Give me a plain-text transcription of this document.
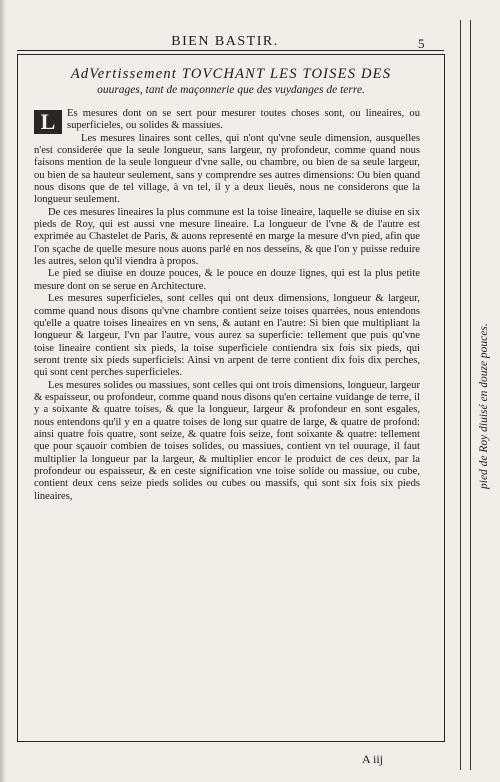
BIEN BASTIR.	5
AdVertissement TOVCHANT LES TOISES DES
ouurages, tant de maçonnerie que des vuydanges de terre.

L	Es mesures dont on se sert pour mesurer toutes choses sont, ou lineaires, ou superficieles, ou solides & massiues.

Les mesures linaires sont celles, qui n'ont qu'vne seule dimension, ausquelles n'est considerée que la seule longueur, sans largeur, ny profondeur, comme quand nous faisons mention de la seule longueur d'vne salle, ou chambre, ou bien de sa seule largeur, ou bien de sa hauteur seulement, sans y comprendre ses autres dimensions: Ou bien quand nous disons que de tel village, à vn tel, il y a deux lieuës, nous ne considerons que la longueur seulement.

De ces mesures lineaires la plus commune est la toise lineaire, laquelle se diuise en six pieds de Roy, qui est aussi vne mesure lineaire. La longueur de l'vne & de l'autre est exprimée au Chastelet de Paris, & auons representé en marge la mesure d'vn pied, afin que l'on sçache de quelle mesure nous auons parlé en nos desseins, & que l'on y puisse reduire les autres, selon qu'il viendra à propos.

Le pied se diuise en douze pouces, & le pouce en douze lignes, qui est la plus petite mesure dont on se serue en Architecture.

Les mesures superficieles, sont celles qui ont deux dimensions, longueur & largeur, comme quand nous disons qu'vne chambre contient seize toises quarrées, nous entendons qu'elle a quatre toises lineaires en vn sens, & autant en l'autre: Si bien que multipliant la longueur & largeur, l'vn par l'autre, vous aurez sa superficie: tellement que puis qu'vne toise lineaire contient six pieds, la toise superficiele contiendra six fois six pieds, qui seront trente six pieds superficiels: Ainsi vn arpent de terre contient dix fois dix perches, qui sont cent perches superficieles.

Les mesures solides ou massiues, sont celles qui ont trois dimensions, longueur, largeur & espaisseur, ou profondeur, comme quand nous disons qu'en certaine vuidange de terre, il y a soixante & quatre toises, & que la longueur, largeur & profondeur en sont esgales, nous entendons qu'il y en a quatre toises de long sur quatre de large, & quatre de profond: ainsi quatre fois quatre, sont seize, & quatre fois seize, font soixante & quatre: tellement que pour sçauoir combien de toises solides, ou massiues, contient vn tel ouurage, il faut multiplier la longueur par la largeur, & multiplier encor le produict de ces deux, par la profondeur ou espaisseur, & en ceste signification vne toise solide ou massiue, ou cube, contient deux cens seize pieds solides ou cubes ou massifs, qui sont six fois six pieds lineaires,

A iij
pied de Roy diuisé en douze pouces.
